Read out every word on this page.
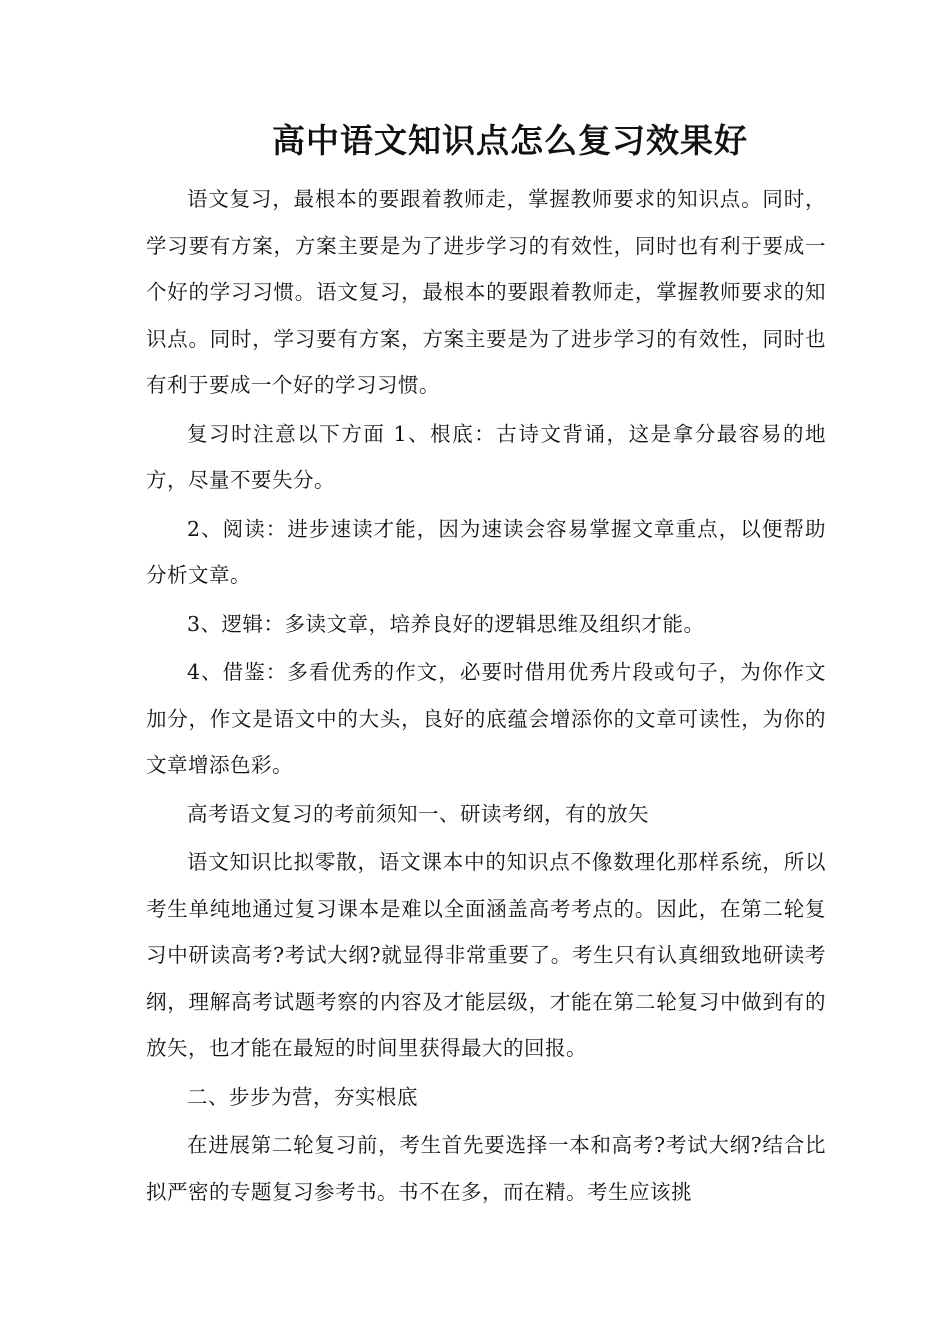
高中语文知识点怎么复习效果好

语文复习，最根本的要跟着教师走，掌握教师要求的知识点。同时，学习要有方案，方案主要是为了进步学习的有效性，同时也有利于要成一个好的学习习惯。语文复习，最根本的要跟着教师走，掌握教师要求的知识点。同时，学习要有方案，方案主要是为了进步学习的有效性，同时也有利于要成一个好的学习习惯。

复习时注意以下方面 1、根底：古诗文背诵，这是拿分最容易的地方，尽量不要失分。

2、阅读：进步速读才能，因为速读会容易掌握文章重点，以便帮助分析文章。

3、逻辑：多读文章，培养良好的逻辑思维及组织才能。

4、借鉴：多看优秀的作文，必要时借用优秀片段或句子，为你作文加分，作文是语文中的大头，良好的底蕴会增添你的文章可读性，为你的文章增添色彩。

高考语文复习的考前须知一、研读考纲，有的放矢

语文知识比拟零散，语文课本中的知识点不像数理化那样系统，所以考生单纯地通过复习课本是难以全面涵盖高考考点的。因此，在第二轮复习中研读高考?考试大纲?就显得非常重要了。考生只有认真细致地研读考纲，理解高考试题考察的内容及才能层级，才能在第二轮复习中做到有的放矢，也才能在最短的时间里获得最大的回报。

二、步步为营，夯实根底

在进展第二轮复习前，考生首先要选择一本和高考?考试大纲?结合比拟严密的专题复习参考书。书不在多，而在精。考生应该挑
